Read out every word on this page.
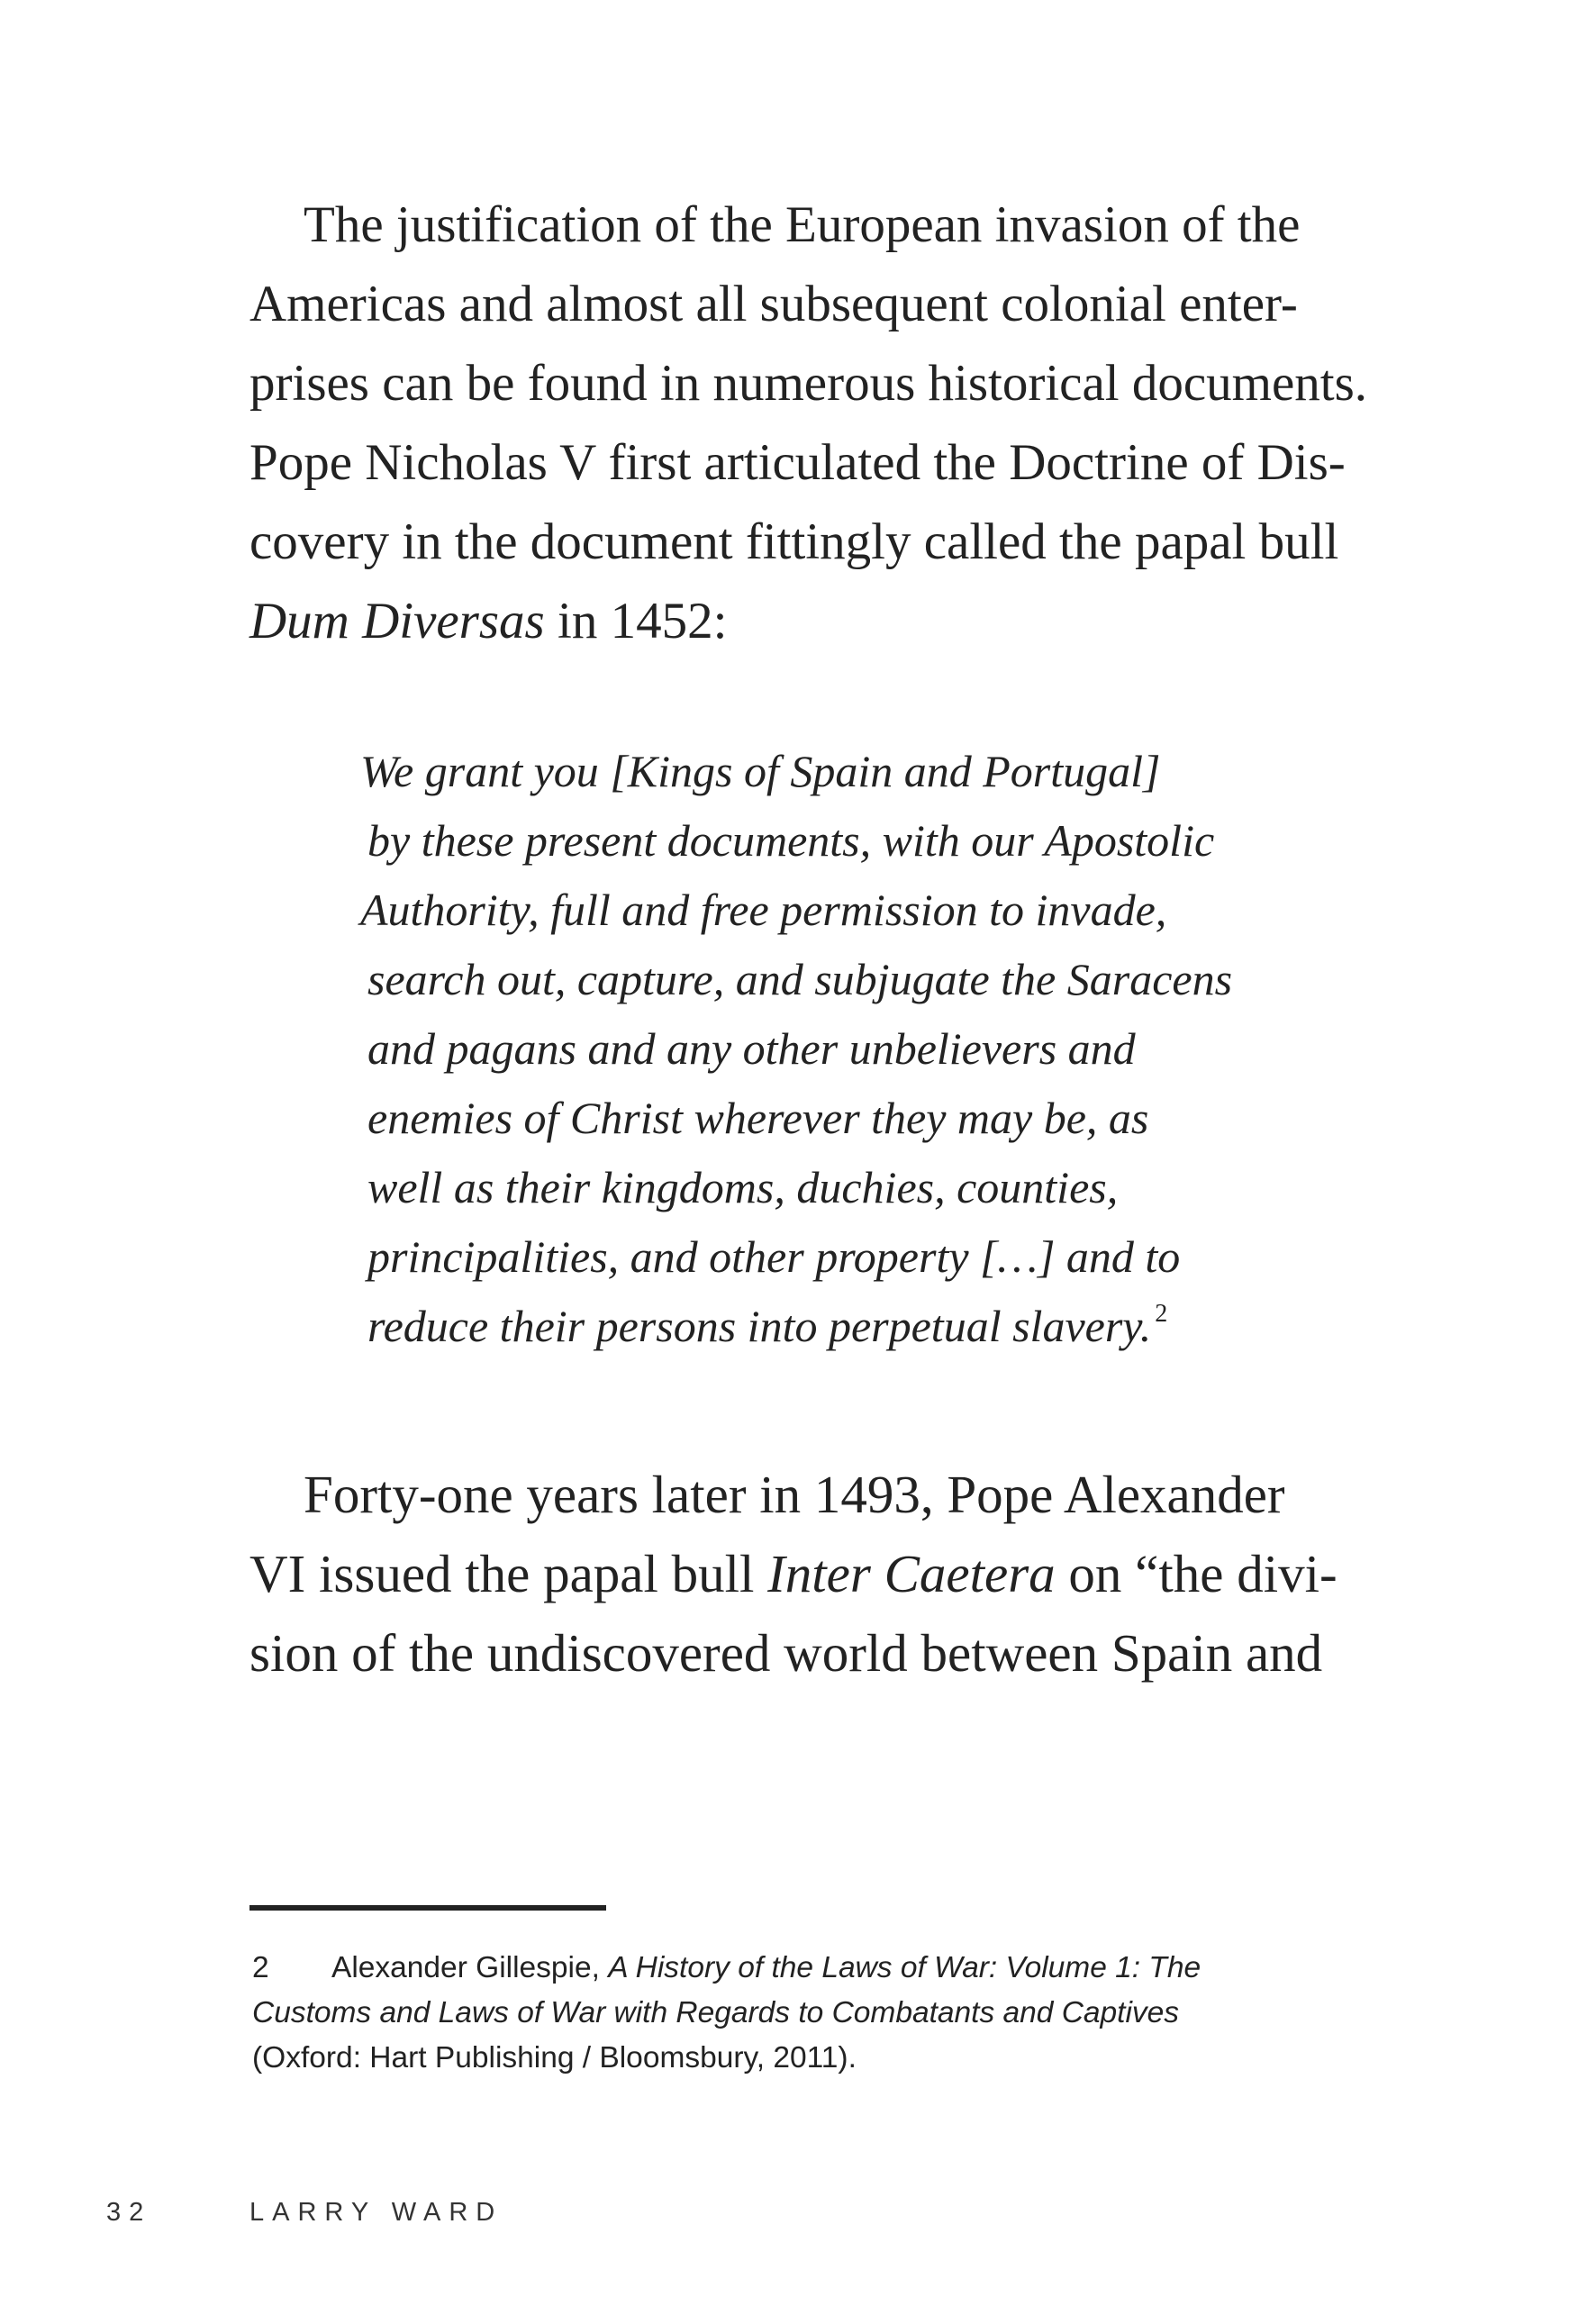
The justification of the European invasion of the
Americas and almost all subsequent colonial enter-
prises can be found in numerous historical documents.
Pope Nicholas V first articulated the Doctrine of Dis-
covery in the document fittingly called the papal bull
Dum Diversas in 1452:
We grant you [Kings of Spain and Portugal]
by these present documents, with our Apostolic
Authority, full and free permission to invade,
search out, capture, and subjugate the Saracens
and pagans and any other unbelievers and
enemies of Christ wherever they may be, as
well as their kingdoms, duchies, counties,
principalities, and other property […] and to
reduce their persons into perpetual slavery. $^2$
Forty-one years later in 1493, Pope Alexander
VI issued the papal bull Inter Caetera on “the divi-
sion of the undiscovered world between Spain and
2 Alexander Gillespie, A History of the Laws of War: Volume 1: The
Customs and Laws of War with Regards to Combatants and Captives
(Oxford: Hart Publishing / Bloomsbury, 2011).
32	LARRY WARD
